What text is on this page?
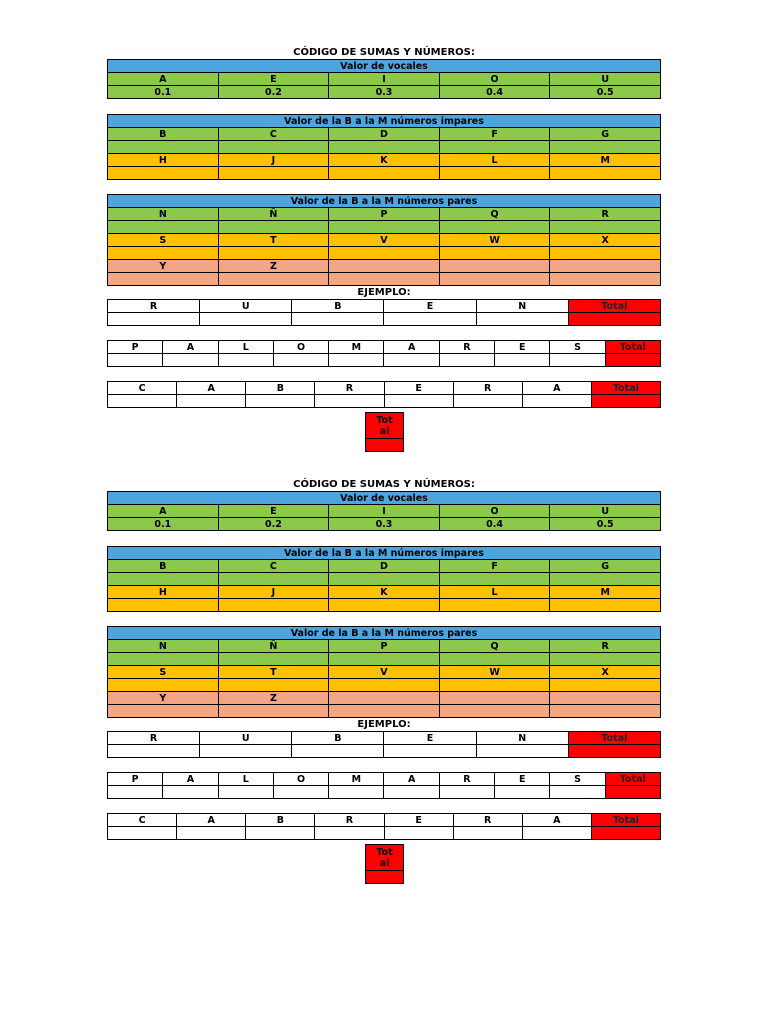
CÓDIGO DE SUMAS Y NÚMEROS:
Valor de vocales				
A	E	I	O	U
0.1	0.2	0.3	0.4	0.5
Valor de la B a la M números impares				
B	C	D	F	G

H	J	K	L	M

Valor de la B a la M números pares				
N	Ñ	P	Q	R

S	T	V	W	X

Y	Z			

EJEMPLO:
R	U	B	E	N	Total

P	A	L	O	M	A	R	E	S	Total

C	A	B	R	E	R	A	Total

Total
CÓDIGO DE SUMAS Y NÚMEROS:
Valor de vocales				
A	E	I	O	U
0.1	0.2	0.3	0.4	0.5
Valor de la B a la M números impares				
B	C	D	F	G

H	J	K	L	M

Valor de la B a la M números pares				
N	Ñ	P	Q	R

S	T	V	W	X

Y	Z			

EJEMPLO:
R	U	B	E	N	Total

P	A	L	O	M	A	R	E	S	Total

C	A	B	R	E	R	A	Total

Total
